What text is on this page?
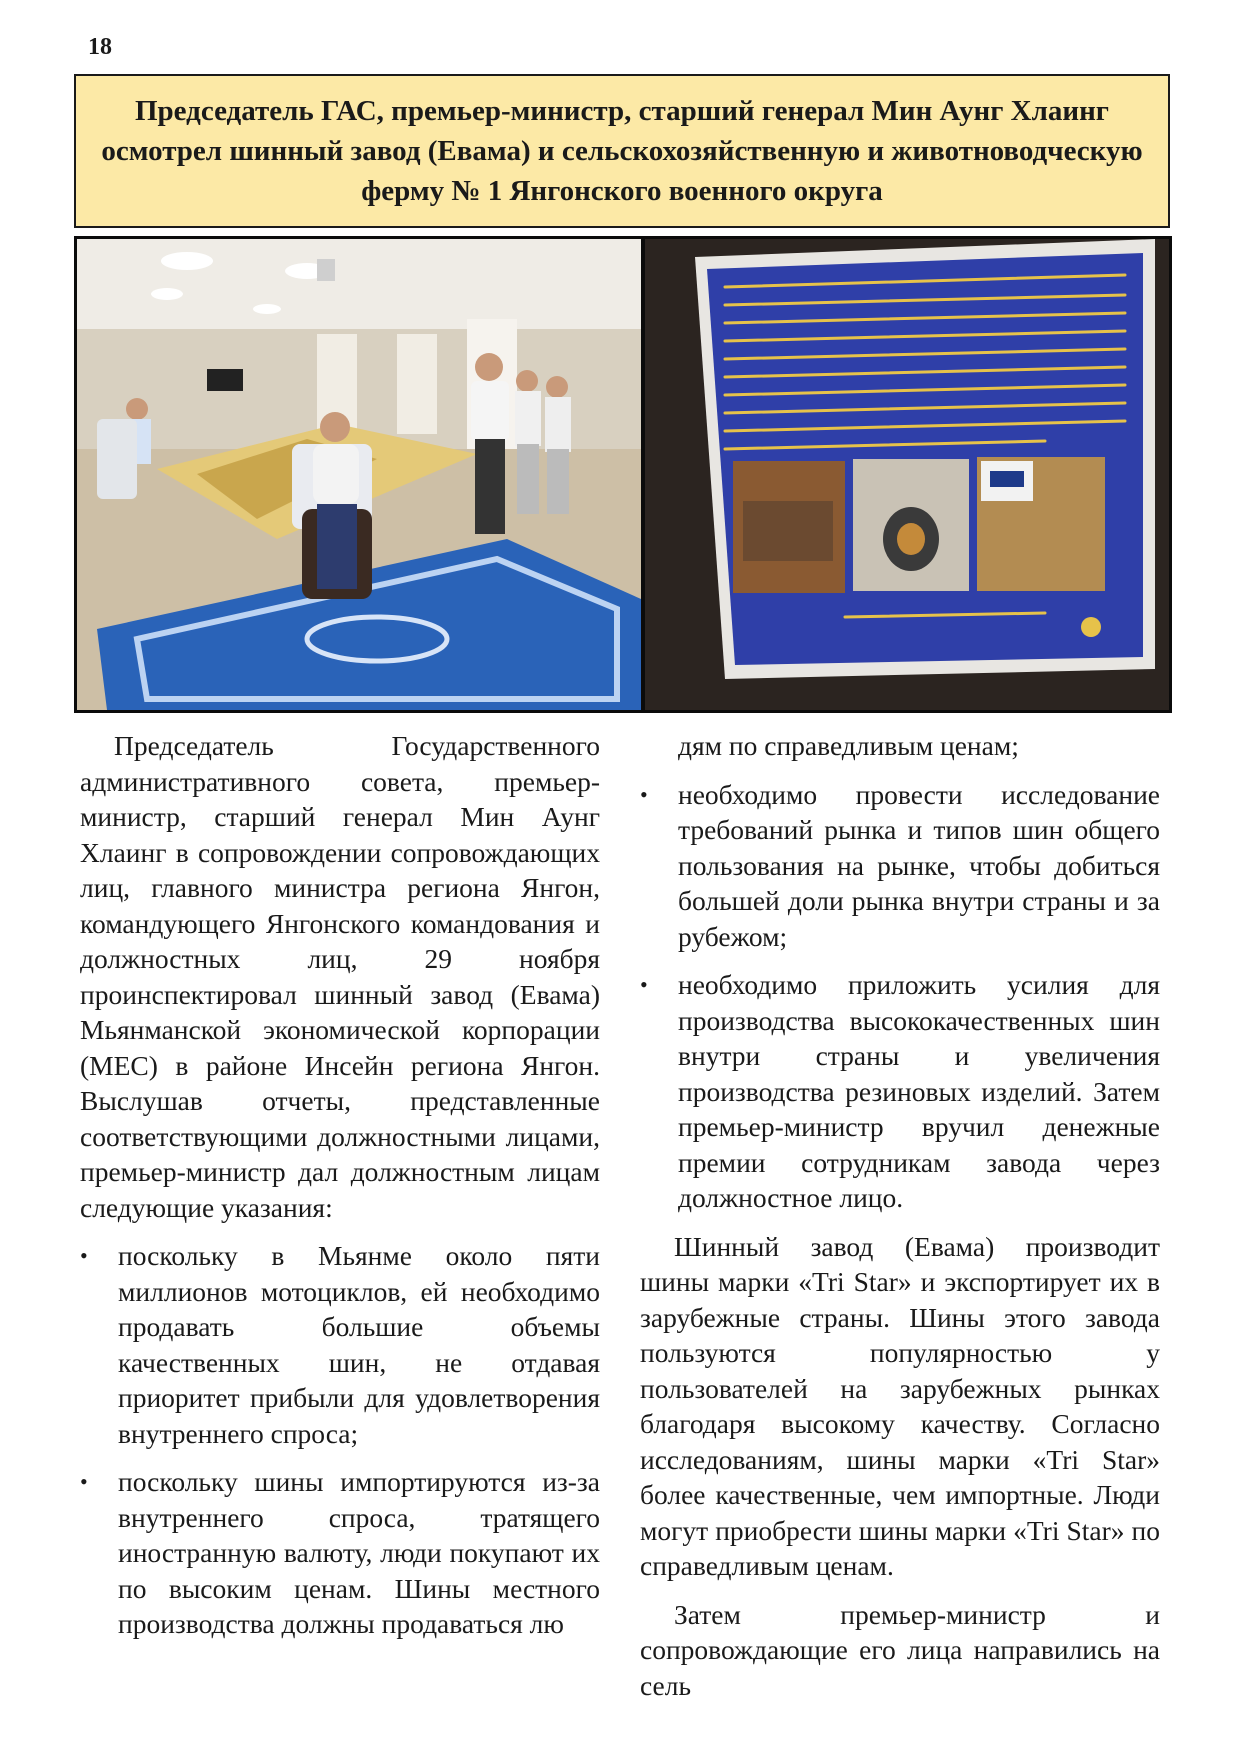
18
Председатель ГАС, премьер-министр, старший генерал Мин Аунг Хлаинг осмотрел шинный завод (Евама) и сельскохозяйственную и животноводческую ферму № 1 Янгонского военного округа

Председатель Государственного административного совета, премьер-министр, старший генерал Мин Аунг Хлаинг в сопровождении сопровождающих лиц, главного министра региона Янгон, командующего Янгонского командования и должностных лиц, 29 ноября проинспектировал шинный завод (Евама) Мьянманской экономической корпорации (МЕС) в районе Инсейн региона Янгон. Выслушав отчеты, представленные соответствующими должностными лицами, премьер-министр дал должностным лицам следующие указания:

• поскольку в Мьянме около пяти миллионов мотоциклов, ей необходимо продавать большие объемы качественных шин, не отдавая приоритет прибыли для удовлетворения внутреннего спроса;
• поскольку шины импортируются из-за внутреннего спроса, тратящего иностранную валюту, люди покупают их по высоким ценам. Шины местного производства должны продаваться лю
дям по справедливым ценам;
• необходимо провести исследование требований рынка и типов шин общего пользования на рынке, чтобы добиться большей доли рынка внутри страны и за рубежом;
• необходимо приложить усилия для производства высококачественных шин внутри страны и увеличения производства резиновых изделий. Затем премьер-министр вручил денежные премии сотрудникам завода через должностное лицо.

Шинный завод (Евама) производит шины марки «Tri Star» и экспортирует их в зарубежные страны. Шины этого завода пользуются популярностью у пользователей на зарубежных рынках благодаря высокому качеству. Согласно исследованиям, шины марки «Tri Star» более качественные, чем импортные. Люди могут приобрести шины марки «Tri Star» по справедливым ценам.

Затем премьер-министр и сопровождающие его лица направились на сель
